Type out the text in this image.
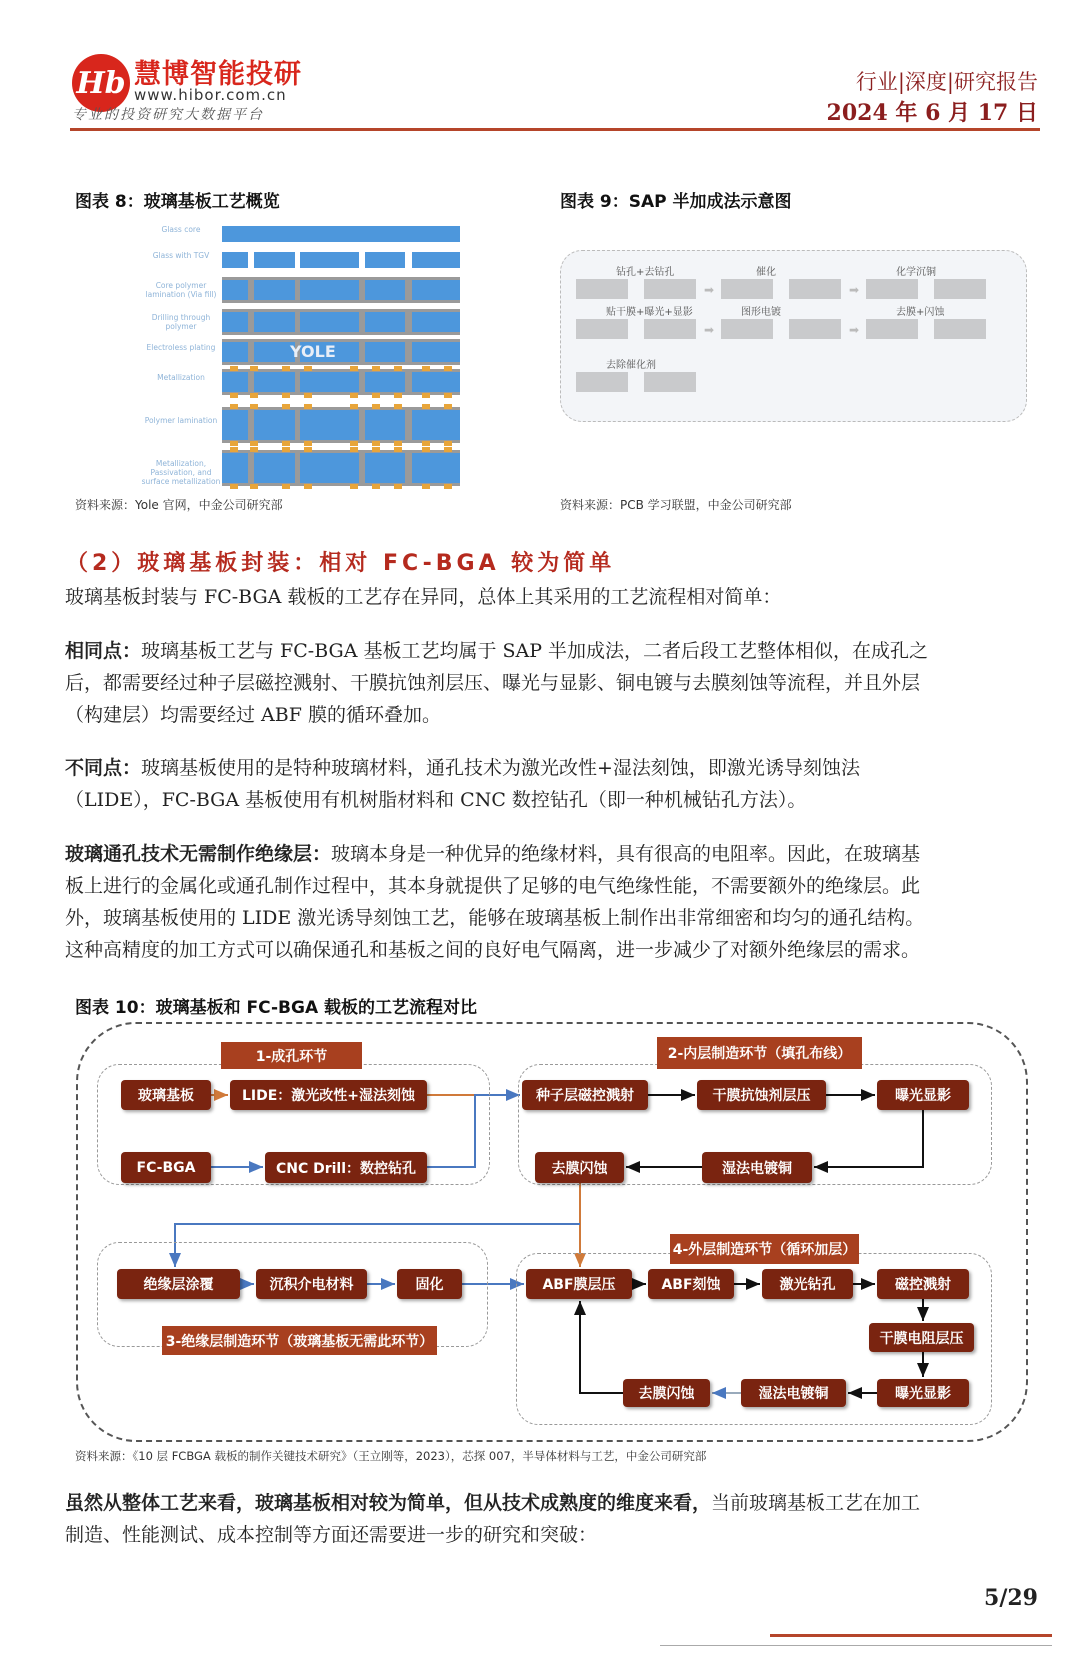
Hb 慧博智能投研
www.hibor.com.cn
专业的投资研究大数据平台
行业|深度|研究报告
2024 年 6 月 17 日
图表 8：玻璃基板工艺概览
Glass core
Glass with TGV
Core polymer lamination (Via fill)
Drilling through polymer
Electroless plating
Metallization
Polymer lamination
Metallization, Passivation, and surface metallization
YOLE
资料来源：Yole 官网，中金公司研究部
图表 9：SAP 半加成法示意图
钻孔+去钻孔
➡
催化
➡
化学沉铜
贴干膜+曝光+显影
➡
图形电镀
➡
去膜+闪蚀
去除催化剂
资料来源：PCB 学习联盟，中金公司研究部
（2）玻璃基板封装：相对 FC-BGA 较为简单
玻璃基板封装与 FC-BGA 载板的工艺存在异同，总体上其采用的工艺流程相对简单：
相同点：玻璃基板工艺与 FC-BGA 基板工艺均属于 SAP 半加成法，二者后段工艺整体相似，在成孔之
后，都需要经过种子层磁控溅射、干膜抗蚀剂层压、曝光与显影、铜电镀与去膜刻蚀等流程，并且外层
（构建层）均需要经过 ABF 膜的循环叠加。
不同点：玻璃基板使用的是特种玻璃材料，通孔技术为激光改性+湿法刻蚀，即激光诱导刻蚀法
（LIDE），FC-BGA 基板使用有机树脂材料和 CNC 数控钻孔（即一种机械钻孔方法）。
玻璃通孔技术无需制作绝缘层：玻璃本身是一种优异的绝缘材料，具有很高的电阻率。因此，在玻璃基
板上进行的金属化或通孔制作过程中，其本身就提供了足够的电气绝缘性能，不需要额外的绝缘层。此
外，玻璃基板使用的 LIDE 激光诱导刻蚀工艺，能够在玻璃基板上制作出非常细密和均匀的通孔结构。
这种高精度的加工方式可以确保通孔和基板之间的良好电气隔离，进一步减少了对额外绝缘层的需求。
图表 10：玻璃基板和 FC-BGA 载板的工艺流程对比
1-成孔环节	2-内层制造环节（填孔布线）
3-绝缘层制造环节（玻璃基板无需此环节）
4-外层制造环节（循环加层）
玻璃基板	LIDE：激光改性+湿法刻蚀
FC-BGA	CNC Drill：数控钻孔
种子层磁控溅射	干膜抗蚀剂层压	曝光显影
去膜闪蚀	湿法电镀铜
绝缘层涂覆	沉积介电材料	固化	ABF膜层压	ABF刻蚀	激光钻孔	磁控溅射
干膜电阻层压
曝光显影
湿法电镀铜
去膜闪蚀
资料来源：《10 层 FCBGA 载板的制作关键技术研究》（王立刚等，2023），芯探 007，半导体材料与工艺，中金公司研究部
虽然从整体工艺来看，玻璃基板相对较为简单，但从技术成熟度的维度来看，当前玻璃基板工艺在加工
制造、性能测试、成本控制等方面还需要进一步的研究和突破：
5/29
